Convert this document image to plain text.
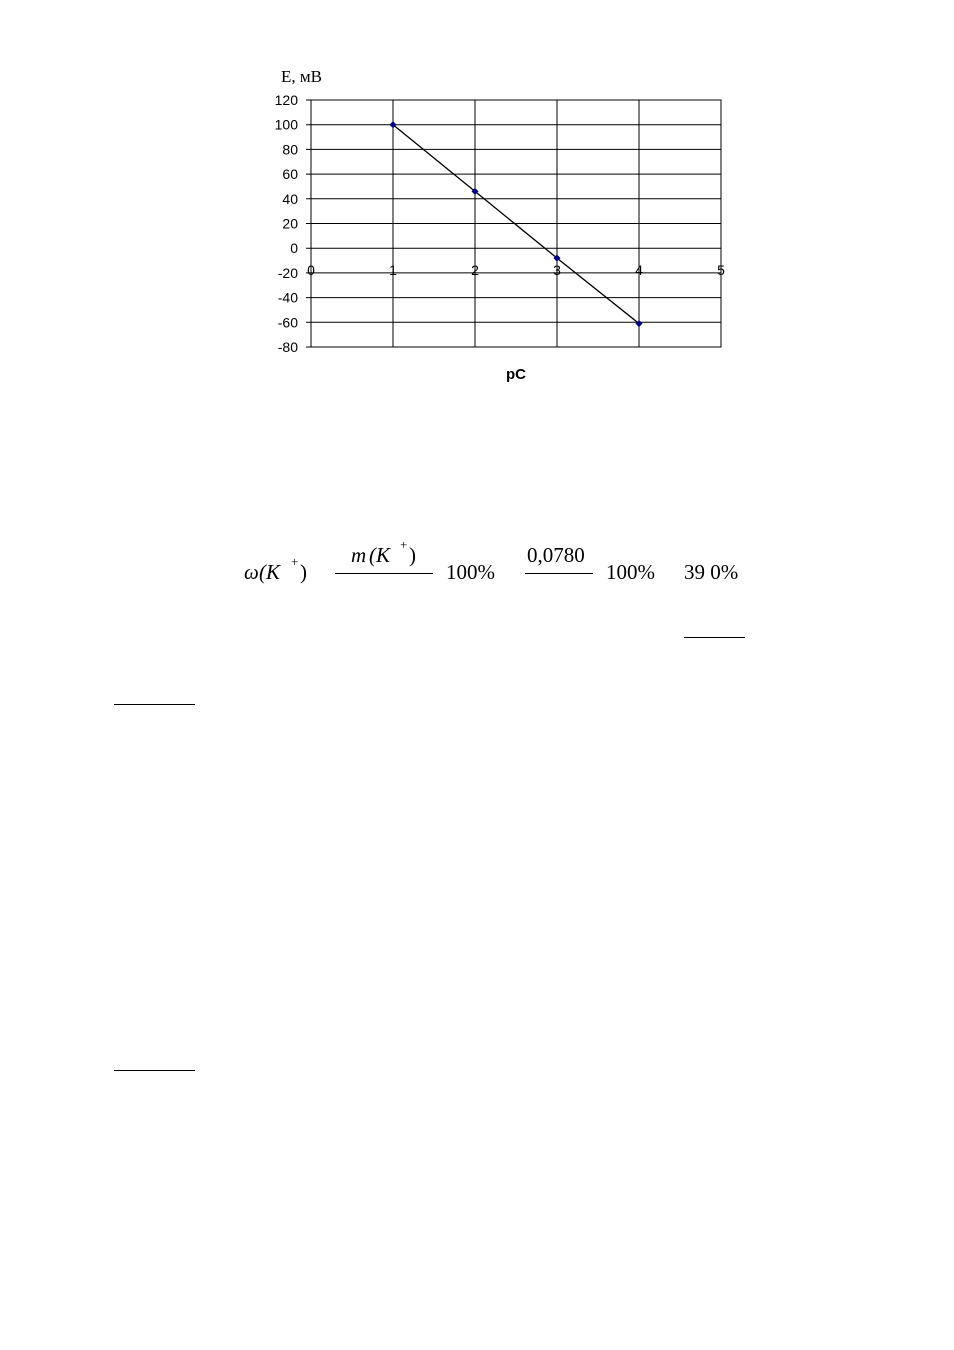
120
100
80
60
40
20
0
-20
-40
-60
-80
0	1	2	3	4	5
E, мВ
pC
ω (K + )
m (K + )
100%
0,0780
100% 39 0%
